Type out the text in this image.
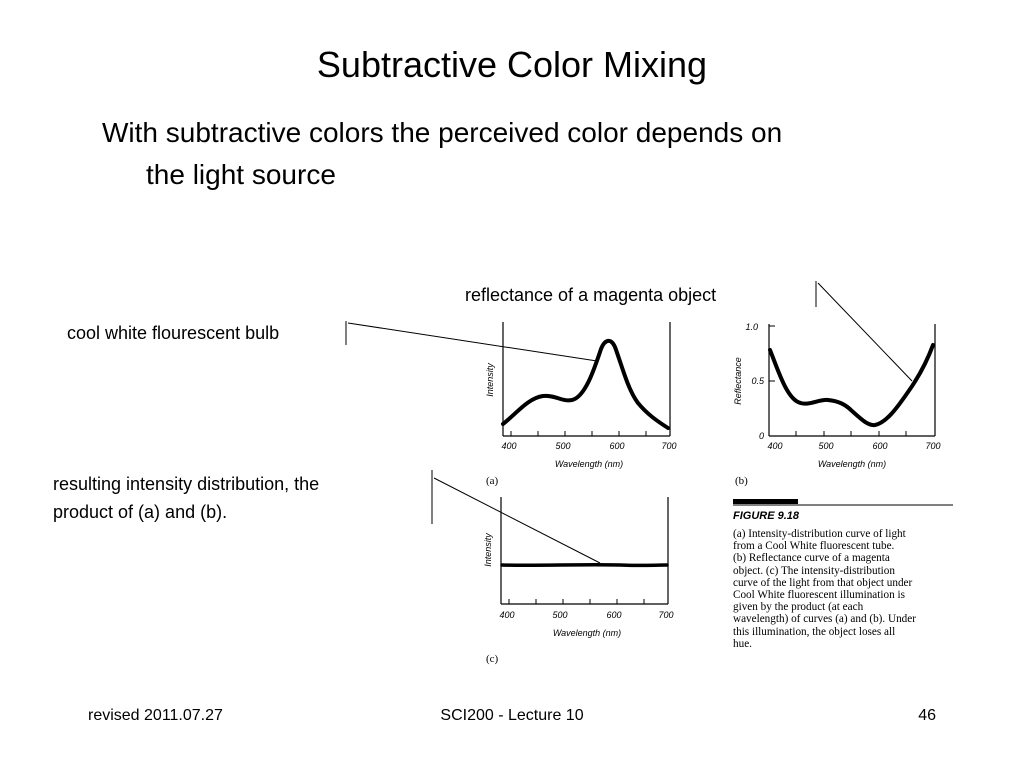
Subtractive Color Mixing
With subtractive colors the perceived color depends on
the light source
reflectance of a magenta object
cool white flourescent bulb
resulting intensity distribution, the
product of (a) and (b).
Intensity
400	500	600	700
Wavelength (nm)
(a)
1.0
0.5
0
Reflectance
400	500	600	700
Wavelength (nm)
(b)
Intensity
400	500	600	700
Wavelength (nm)
(c)
FIGURE 9.18
(a) Intensity-distribution curve of light
from a Cool White fluorescent tube.
(b) Reflectance curve of a magenta
object. (c) The intensity-distribution
curve of the light from that object under
Cool White fluorescent illumination is
given by the product (at each
wavelength) of curves (a) and (b). Under
this illumination, the object loses all
hue.
revised 2011.07.27	SCI200 - Lecture 10	46
